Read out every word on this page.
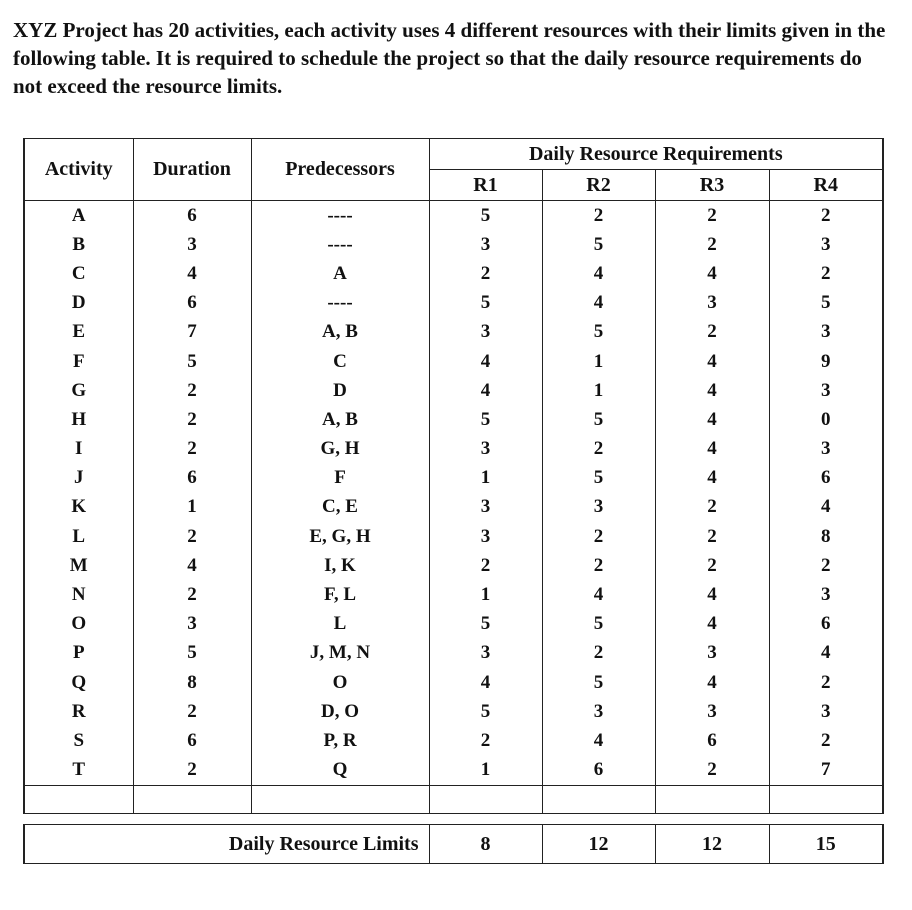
XYZ Project has 20 activities, each activity uses 4 different resources with their limits given in the following table. It is required to schedule the project so that the daily resource requirements do not exceed the resource limits.

Activity	Duration	Predecessors	Daily Resource Requirements			
			R1	R2	R3	R4
A	6	----	5	2	2	2
B	3	----	3	5	2	3
C	4	A	2	4	4	2
D	6	----	5	4	3	5
E	7	A, B	3	5	2	3
F	5	C	4	1	4	9
G	2	D	4	1	4	3
H	2	A, B	5	5	4	0
I	2	G, H	3	2	4	3
J	6	F	1	5	4	6
K	1	C, E	3	3	2	4
L	2	E, G, H	3	2	2	8
M	4	I, K	2	2	2	2
N	2	F, L	1	4	4	3
O	3	L	5	5	4	6
P	5	J, M, N	3	2	3	4
Q	8	O	4	5	4	2
R	2	D, O	5	3	3	3
S	6	P, R	2	4	6	2
T	2	Q	1	6	2	7

Daily Resource Limits	8	12	12	15
